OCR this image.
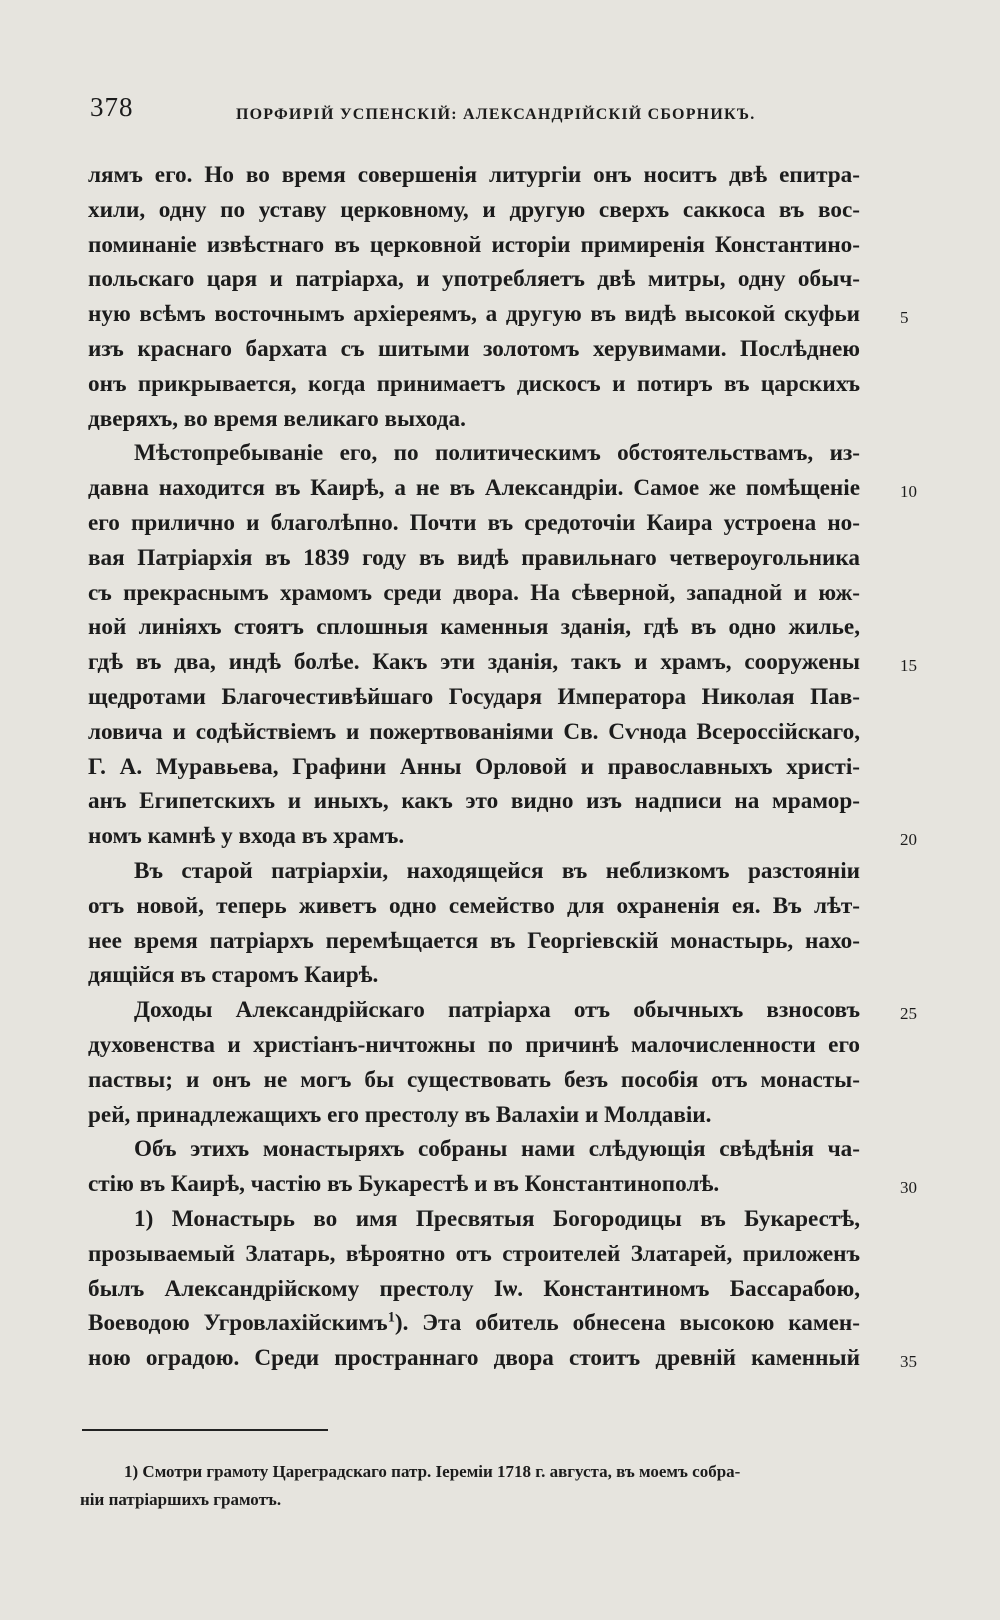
378	ПОРФИРІЙ УСПЕНСКІЙ: АЛЕКСАНДРІЙСКІЙ СБОРНИКЪ.
лямъ его. Но во время совершенія литургіи онъ носитъ двѣ епитра-
хили, одну по уставу церковному, и другую сверхъ саккоса въ вос-
поминаніе извѣстнаго въ церковной исторіи примиренія Константино-
польскаго царя и патріарха, и употребляетъ двѣ митры, одну обыч-
ную всѣмъ восточнымъ архіереямъ, а другую въ видѣ высокой скуфьи 5
изъ краснаго бархата съ шитыми золотомъ херувимами. Послѣднею
онъ прикрывается, когда принимаетъ дискосъ и потиръ въ царскихъ
дверяхъ, во время великаго выхода.
Мѣстопребываніе его, по политическимъ обстоятельствамъ, из-
давна находится въ Каирѣ, а не въ Александріи. Самое же помѣщеніе 10
его прилично и благолѣпно. Почти въ средоточіи Каира устроена но-
вая Патріархія въ 1839 году въ видѣ правильнаго четвероугольника
съ прекраснымъ храмомъ среди двора. На сѣверной, западной и юж-
ной линіяхъ стоятъ сплошныя каменныя зданія, гдѣ въ одно жилье,
гдѣ въ два, индѣ болѣе. Какъ эти зданія, такъ и храмъ, сооружены 15
щедротами Благочестивѣйшаго Государя Императора Николая Пав-
ловича и содѣйствіемъ и пожертвованіями Св. Сѵнода Всероссійскаго,
Г. А. Муравьева, Графини Анны Орловой и православныхъ христі-
анъ Египетскихъ и иныхъ, какъ это видно изъ надписи на мрамор-
номъ камнѣ у входа въ храмъ.	20
Въ старой патріархіи, находящейся въ неблизкомъ разстояніи
отъ новой, теперь живетъ одно семейство для охраненія ея. Въ лѣт-
нее время патріархъ перемѣщается въ Георгіевскій монастырь, нахо-
дящійся въ старомъ Каирѣ.
Доходы Александрійскаго патріарха отъ обычныхъ взносовъ 25
духовенства и христіанъ-ничтожны по причинѣ малочисленности его
паствы; и онъ не могъ бы существовать безъ пособія отъ монасты-
рей, принадлежащихъ его престолу въ Валахіи и Молдавіи.
Объ этихъ монастыряхъ собраны нами слѣдующія свѣдѣнія ча-
стію въ Каирѣ, частію въ Букарестѣ и въ Константинополѣ.	30
1) Монастырь во имя Пресвятыя Богородицы въ Букарестѣ,
прозываемый Златарь, вѣроятно отъ строителей Златарей, приложенъ
былъ Александрійскому престолу Іѡ. Константиномъ Бассарабою,
Воеводою Угровлахійскимъ$^1$). Эта обитель обнесена высокою камен-
ною оградою. Среди пространнаго двора стоитъ древній каменный 35
1) Смотри грамоту Цареградскаго патр. Іереміи 1718 г. августа, въ моемъ собра-
ніи патріаршихъ грамотъ.
